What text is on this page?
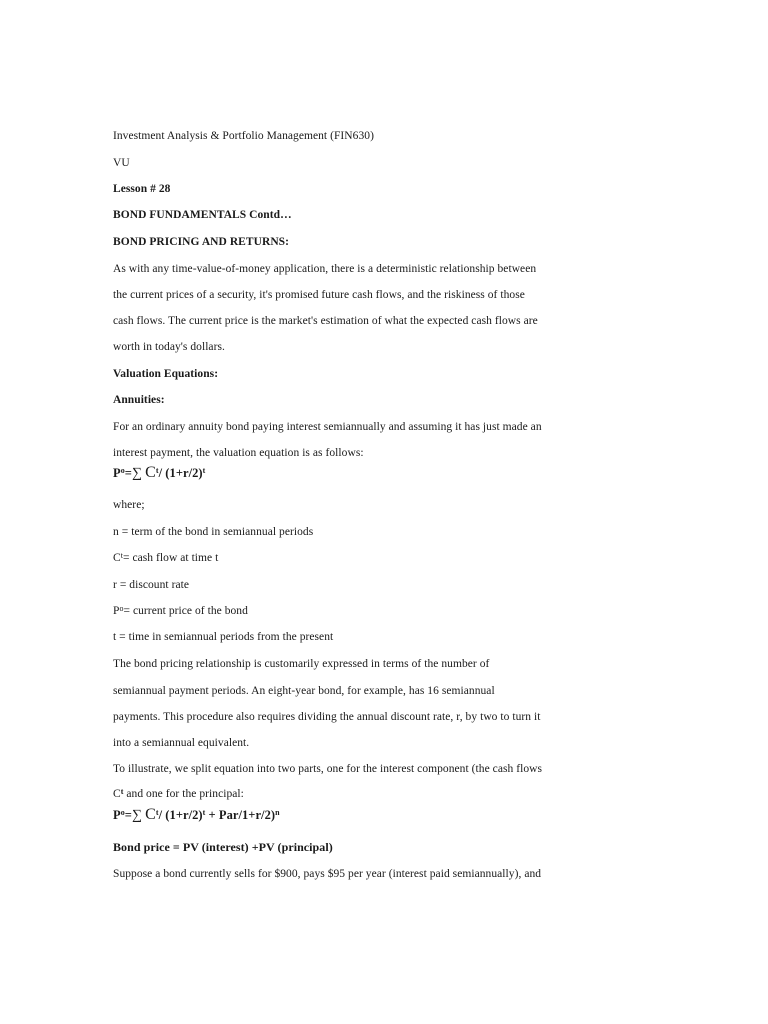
Investment Analysis & Portfolio Management (FIN630)
VU
Lesson # 28
BOND FUNDAMENTALS Contd…
BOND PRICING AND RETURNS:
As with any time-value-of-money application, there is a deterministic relationship between
the current prices of a security, it's promised future cash flows, and the riskiness of those
cash flows. The current price is the market's estimation of what the expected cash flows are
worth in today's dollars.
Valuation Equations:
Annuities:
For an ordinary annuity bond paying interest semiannually and assuming it has just made an
interest payment, the valuation equation is as follows:
$P^o=\sum$ $C^t/$ $(1+r/2)^t$
where;
n = term of the bond in semiannual periods
$C^t=$ cash flow at time t
r = discount rate
$P^o=$ current price of the bond
t = time in semiannual periods from the present
The bond pricing relationship is customarily expressed in terms of the number of
semiannual payment periods. An eight-year bond, for example, has 16 semiannual
payments. This procedure also requires dividing the annual discount rate, r, by two to turn it
into a semiannual equivalent.
To illustrate, we split equation into two parts, one for the interest component (the cash flows
$C^t$ and one for the principal:
$P^o=\sum$ $C^t/$ $(1+r/2)^t + Par/1+r/2)^n$
Bond price = PV (interest) +PV (principal)
Suppose a bond currently sells for $900, pays $95 per year (interest paid semiannually), and
